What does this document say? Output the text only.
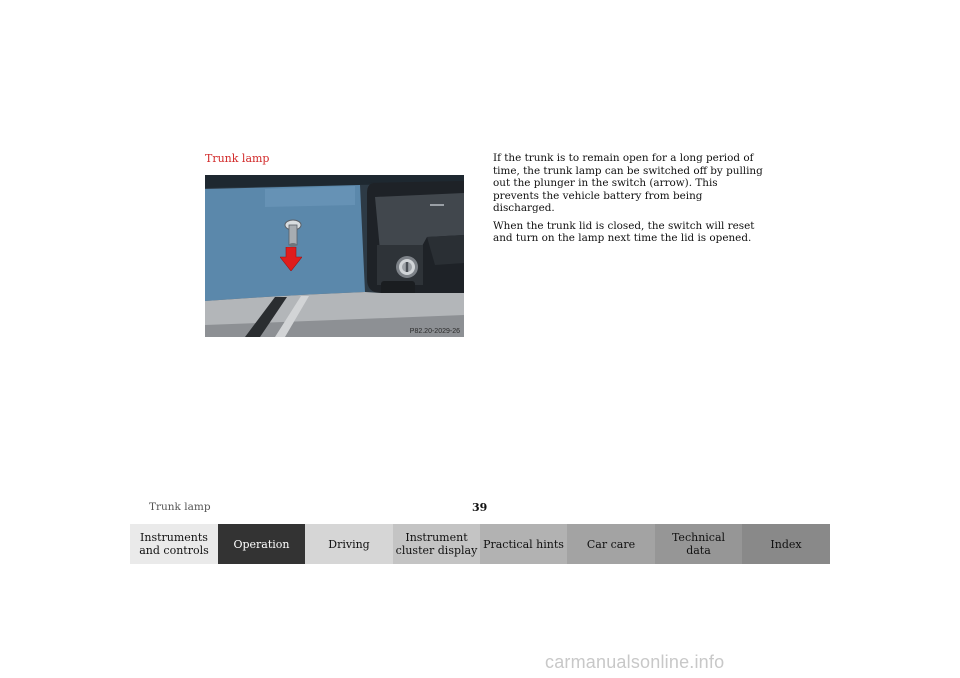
Trunk lamp
P82.20-2029-26

If the trunk is to remain open for a long period of time, the trunk lamp can be switched off by pulling out the plunger in the switch (arrow). This prevents the vehicle battery from being discharged.

When the trunk lid is closed, the switch will reset and turn on the lamp next time the lid is opened.

Trunk lamp	39
Instruments
and controls	Operation	Driving	Instrument
cluster display Practical hints	Car care	Technical
data	Index
carmanualsonline.info
